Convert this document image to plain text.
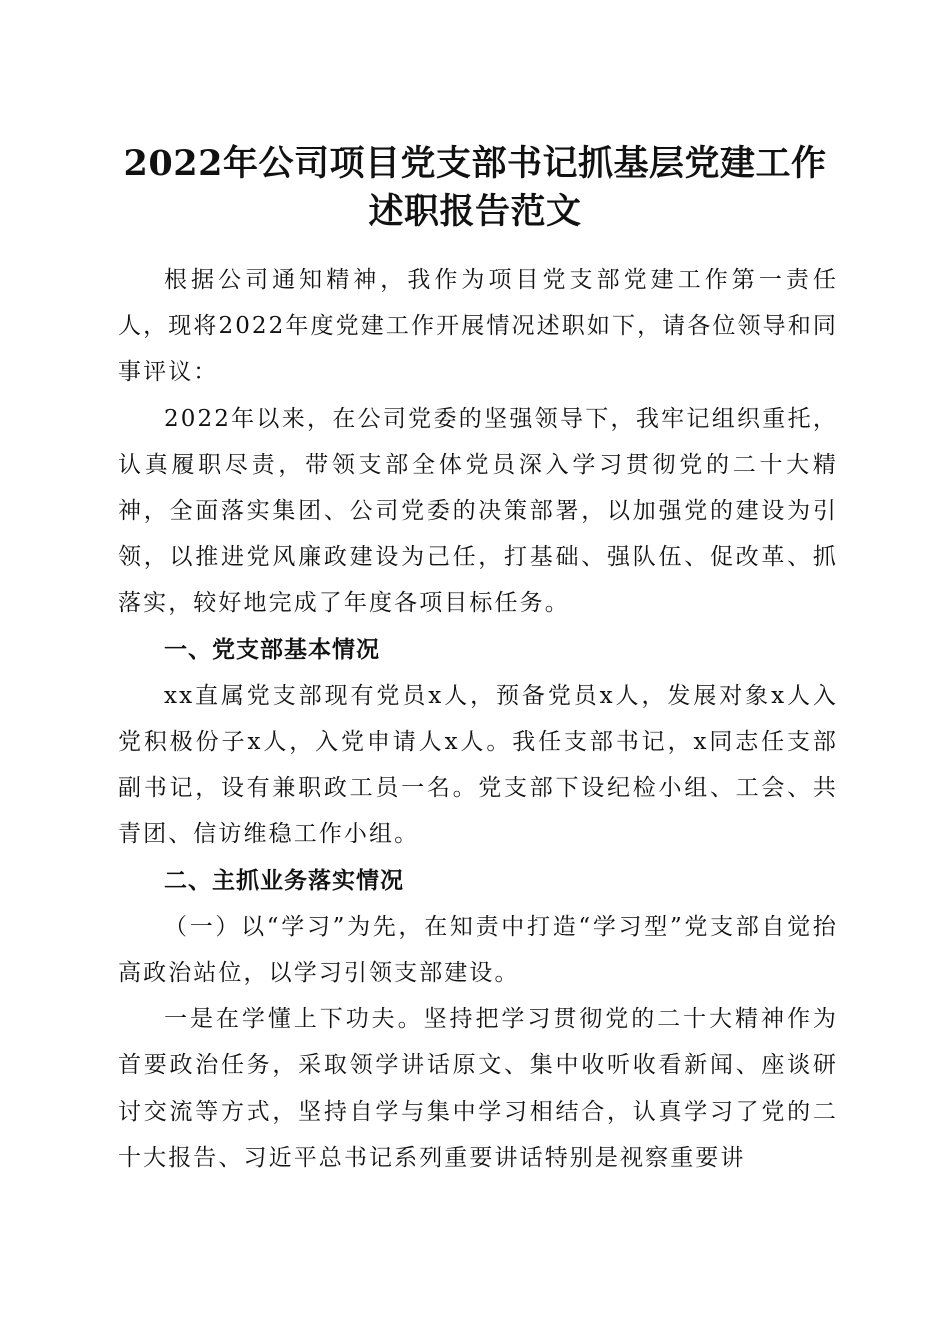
2022年公司项目党支部书记抓基层党建工作
述职报告范文

根据公司通知精神，我作为项目党支部党建工作第一责任人，现将2022年度党建工作开展情况述职如下，请各位领导和同事评议：

2022年以来，在公司党委的坚强领导下，我牢记组织重托，认真履职尽责，带领支部全体党员深入学习贯彻党的二十大精神，全面落实集团、公司党委的决策部署，以加强党的建设为引领，以推进党风廉政建设为己任，打基础、强队伍、促改革、抓落实，较好地完成了年度各项目标任务。

一、党支部基本情况

xx直属党支部现有党员x人，预备党员x人，发展对象x人入党积极份子x人，入党申请人x人。我任支部书记，x同志任支部副书记，设有兼职政工员一名。党支部下设纪检小组、工会、共青团、信访维稳工作小组。

二、主抓业务落实情况

（一）以“学习”为先，在知责中打造“学习型”党支部自觉抬高政治站位，以学习引领支部建设。

一是在学懂上下功夫。坚持把学习贯彻党的二十大精神作为首要政治任务，采取领学讲话原文、集中收听收看新闻、座谈研讨交流等方式，坚持自学与集中学习相结合，认真学习了党的二十大报告、习近平总书记系列重要讲话特别是视察重要讲
